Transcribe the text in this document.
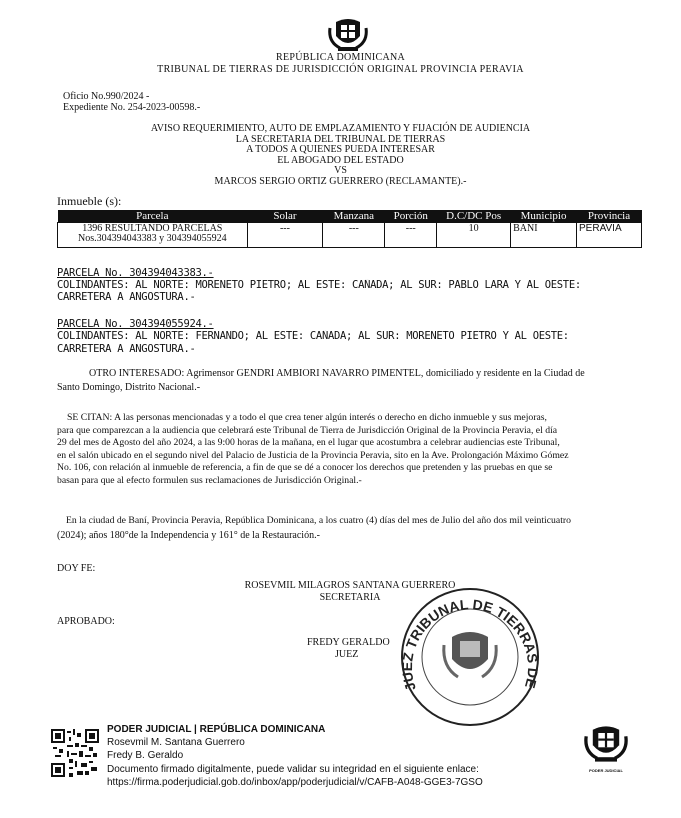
REPÚBLICA DOMINICANA
TRIBUNAL DE TIERRAS DE JURISDICCIÓN ORIGINAL PROVINCIA PERAVIA
Oficio No.990/2024 -
Expediente No. 254-2023-00598.-
AVISO REQUERIMIENTO, AUTO DE EMPLAZAMIENTO Y FIJACIÓN DE AUDIENCIA
LA SECRETARIA DEL TRIBUNAL DE TIERRAS
A TODOS A QUIENES PUEDA INTERESAR
EL ABOGADO DEL ESTADO
VS
MARCOS SERGIO ORTIZ GUERRERO (RECLAMANTE).-
Inmueble (s):
Parcela	Solar	Manzana	Porción	D.C/DC Pos	Municipio	Provincia

1396 RESULTANDO PARCELAS
Nos.304394043383 y 304394055924	---	---	---	10	BANI	PERAVIA
PARCELA No. 304394043383.-
COLINDANTES: AL NORTE: MORENETO PIETRO; AL ESTE: CAÑADA; AL SUR: PABLO LARA Y AL OESTE:
CARRETERA A ANGOSTURA.-
PARCELA No. 304394055924.-
COLINDANTES: AL NORTE: FERNANDO; AL ESTE: CAÑADA; AL SUR: MORENETO PIETRO Y AL OESTE:
CARRETERA A ANGOSTURA.-
OTRO INTERESADO: Agrimensor GENDRI AMBIORI NAVARRO PIMENTEL, domiciliado y residente en la Ciudad de
Santo Domingo, Distrito Nacional.-
SE CITAN: A las personas mencionadas y a todo el que crea tener algún interés o derecho en dicho inmueble y sus mejoras,
para que comparezcan a la audiencia que celebrará este Tribunal de Tierra de Jurisdicción Original de la Provincia Peravia, el día
29 del mes de Agosto del año 2024, a las 9:00 horas de la mañana, en el lugar que acostumbra a celebrar audiencias este Tribunal,
en el salón ubicado en el segundo nivel del Palacio de Justicia de la Provincia Peravia, sito en la Ave. Prolongación Máximo Gómez
No. 106, con relación al inmueble de referencia, a fin de que se dé a conocer los derechos que pretenden y las pruebas en que se
basan para que al efecto formulen sus reclamaciones de Jurisdicción Original.-
En la ciudad de Baní, Provincia Peravia, República Dominicana, a los cuatro (4) días del mes de Julio del año dos mil veinticuatro
(2024); años 180°de la Independencia y 161° de la Restauración.-
DOY FE:
ROSEVMIL MILAGROS SANTANA GUERRERO
SECRETARIA
APROBADO:
FREDY GERALDO
JUEZ
JUEZ TRIBUNAL DE TIERRAS DE
PODER JUDICIAL | REPÚBLICA DOMINICANA
Rosevmil M. Santana Guerrero
Fredy B. Geraldo
Documento firmado digitalmente, puede validar su integridad en el siguiente enlace:
https://firma.poderjudicial.gob.do/inbox/app/poderjudicial/v/CAFB-A048-GGE3-7GSO
PODER JUDICIAL
